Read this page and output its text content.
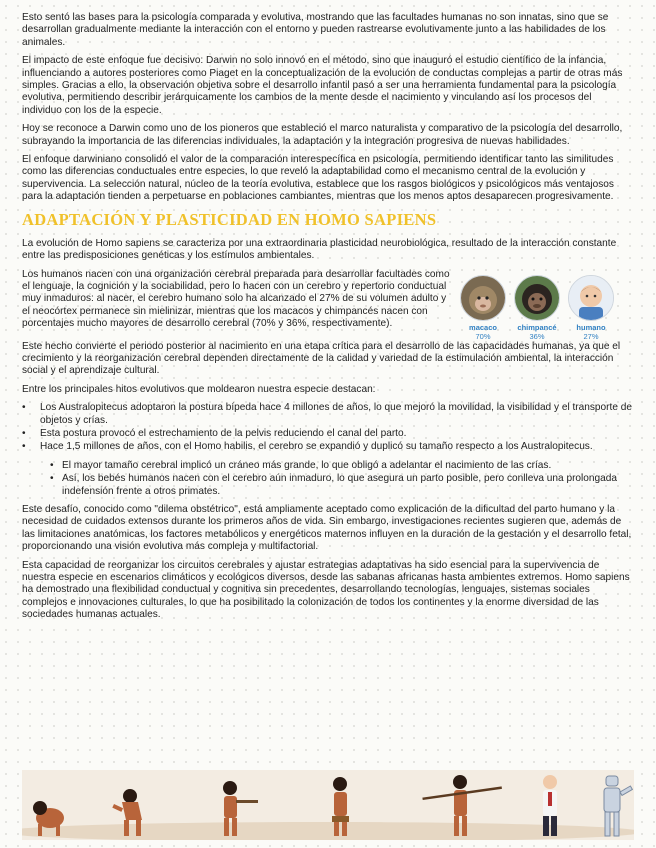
Esto sentó las bases para la psicología comparada y evolutiva, mostrando que las facultades humanas no son innatas, sino que se desarrollan gradualmente mediante la interacción con el entorno y pueden rastrearse evolutivamente junto a las habilidades de los animales.

El impacto de este enfoque fue decisivo: Darwin no solo innovó en el método, sino que inauguró el estudio científico de la infancia, influenciando a autores posteriores como Piaget en la conceptualización de la evolución de conductas complejas a partir de otras más simples. Gracias a ello, la observación objetiva sobre el desarrollo infantil pasó a ser una herramienta fundamental para la psicología evolutiva, permitiendo describir jerárquicamente los cambios de la mente desde el nacimiento y vinculando así los procesos del individuo con los de la especie.

Hoy se reconoce a Darwin como uno de los pioneros que estableció el marco naturalista y comparativo de la psicología del desarrollo, subrayando la importancia de las diferencias individuales, la adaptación y la integración progresiva de nuevas habilidades.

El enfoque darwiniano consolidó el valor de la comparación interespecífica en psicología, permitiendo identificar tanto las similitudes como las diferencias conductuales entre especies, lo que reveló la adaptabilidad como el mecanismo central de la evolución y supervivencia. La selección natural, núcleo de la teoría evolutiva, establece que los rasgos biológicos y psicológicos más ventajosos para la adaptación tienden a perpetuarse en poblaciones cambiantes, mientras que los menos aptos desaparecen progresivamente.

ADAPTACIÓN Y PLASTICIDAD EN HOMO SAPIENS

La evolución de Homo sapiens se caracteriza por una extraordinaria plasticidad neurobiológica, resultado de la interacción constante entre las predisposiciones genéticas y los estímulos ambientales.

Los humanos nacen con una organización cerebral preparada para desarrollar facultades como el lenguaje, la cognición y la sociabilidad, pero lo hacen con un cerebro y repertorio conductual muy inmaduros: al nacer, el cerebro humano solo ha alcanzado el 27% de su volumen adulto y el neocórtex permanece sin mielinizar, mientras que los macacos y chimpancés nacen con porcentajes mucho mayores de desarrollo cerebral (70% y 36%, respectivamente).	macaco
70%
chimpancé
36%
humano
27%

Este hecho convierte el periodo posterior al nacimiento en una etapa crítica para el desarrollo de las capacidades humanas, ya que el crecimiento y la reorganización cerebral dependen directamente de la calidad y variedad de la estimulación ambiental, la interacción social y el aprendizaje cultural.

Entre los principales hitos evolutivos que moldearon nuestra especie destacan:

• Los Australopitecus adoptaron la postura bípeda hace 4 millones de años, lo que mejoró la movilidad, la visibilidad y el transporte de objetos y crías.
• Esta postura provocó el estrechamiento de la pelvis reduciendo el canal del parto.
• Hace 1,5 millones de años, con el Homo habilis, el cerebro se expandió y duplicó su tamaño respecto a los Australopitecus.
• El mayor tamaño cerebral implicó un cráneo más grande, lo que obligó a adelantar el nacimiento de las crías.
• Así, los bebés humanos nacen con el cerebro aún inmaduro, lo que asegura un parto posible, pero conlleva una prolongada indefensión frente a otros primates.

Este desafío, conocido como "dilema obstétrico", está ampliamente aceptado como explicación de la dificultad del parto humano y la necesidad de cuidados extensos durante los primeros años de vida. Sin embargo, investigaciones recientes sugieren que, además de las limitaciones anatómicas, los factores metabólicos y energéticos maternos influyen en la duración de la gestación y el desarrollo fetal, proporcionando una visión evolutiva más compleja y multifactorial.

Esta capacidad de reorganizar los circuitos cerebrales y ajustar estrategias adaptativas ha sido esencial para la supervivencia de nuestra especie en escenarios climáticos y ecológicos diversos, desde las sabanas africanas hasta ambientes extremos. Homo sapiens ha demostrado una flexibilidad conductual y cognitiva sin precedentes, desarrollando tecnologías, lenguajes, sistemas sociales complejos e innovaciones culturales, lo que ha posibilitado la colonización de todos los continentes y la enorme diversidad de las sociedades humanas actuales.
